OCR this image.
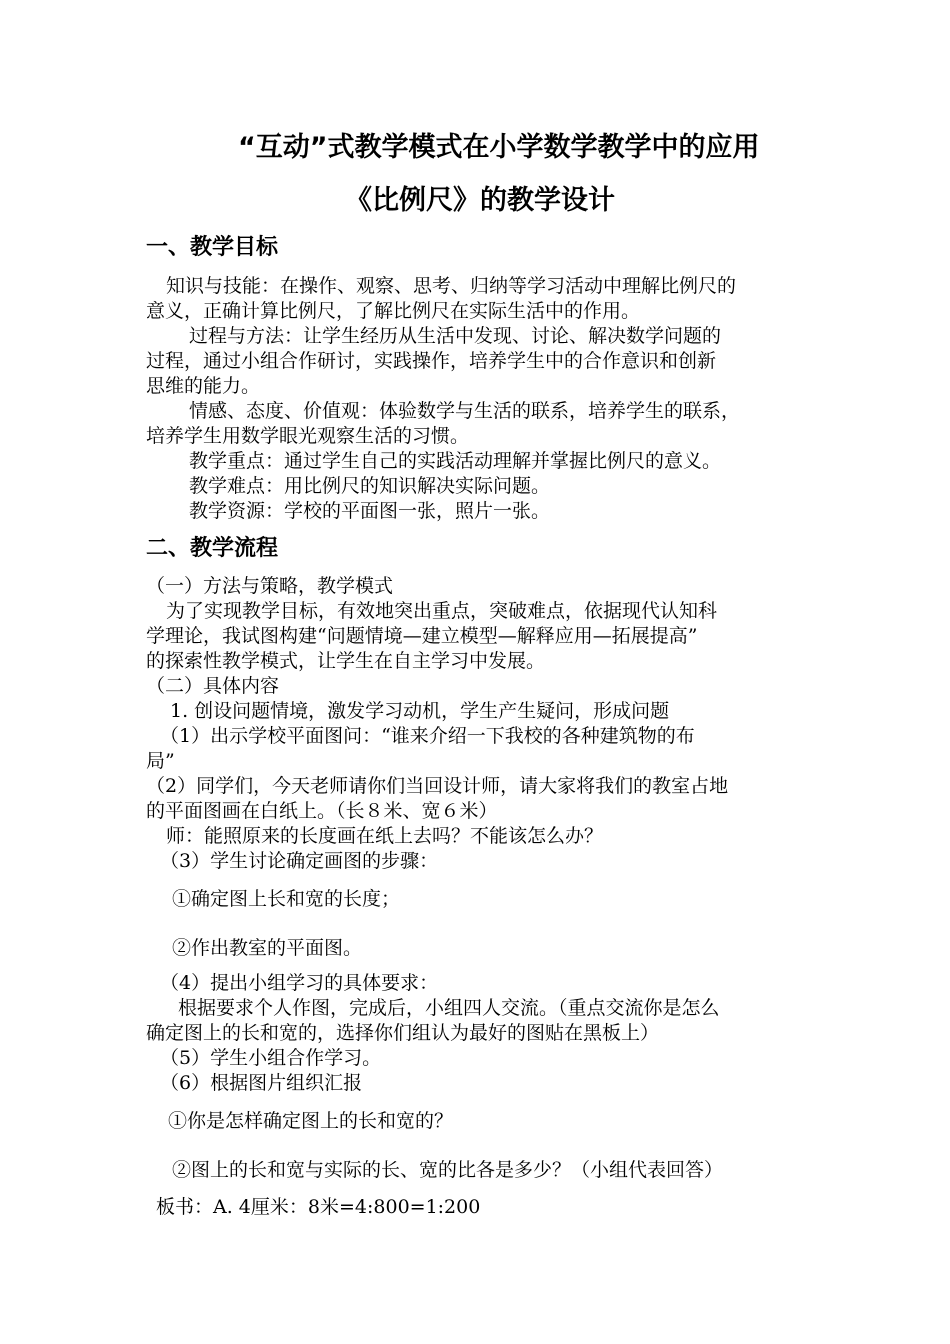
“互动”式教学模式在小学数学教学中的应用
《比例尺》的教学设计
一、教学目标
知识与技能：在操作、观察、思考、归纳等学习活动中理解比例尺的
意义，正确计算比例尺，了解比例尺在实际生活中的作用。
过程与方法：让学生经历从生活中发现、讨论、解决数学问题的
过程，通过小组合作研讨，实践操作，培养学生中的合作意识和创新
思维的能力。
情感、态度、价值观：体验数学与生活的联系，培养学生的联系，
培养学生用数学眼光观察生活的习惯。
教学重点：通过学生自己的实践活动理解并掌握比例尺的意义。
教学难点：用比例尺的知识解决实际问题。
教学资源：学校的平面图一张，照片一张。
二、教学流程
（一）方法与策略，教学模式
为了实现教学目标，有效地突出重点，突破难点，依据现代认知科
学理论，我试图构建“问题情境—建立模型—解释应用—拓展提高”
的探索性教学模式，让学生在自主学习中发展。
（二）具体内容
1. 创设问题情境，激发学习动机，学生产生疑问，形成问题
（1）出示学校平面图问：“谁来介绍一下我校的各种建筑物的布
局”
（2）同学们，今天老师请你们当回设计师，请大家将我们的教室占地
的平面图画在白纸上。（长８米、宽６米）
师：能照原来的长度画在纸上去吗？不能该怎么办？
（3）学生讨论确定画图的步骤：
①确定图上长和宽的长度；
②作出教室的平面图。
（4）提出小组学习的具体要求：
根据要求个人作图，完成后，小组四人交流。（重点交流你是怎么
确定图上的长和宽的，选择你们组认为最好的图贴在黑板上）
（5）学生小组合作学习。
（6）根据图片组织汇报
①你是怎样确定图上的长和宽的？
②图上的长和宽与实际的长、宽的比各是多少？（小组代表回答）
板书：A. 4厘米：8米=4:800=1:200
